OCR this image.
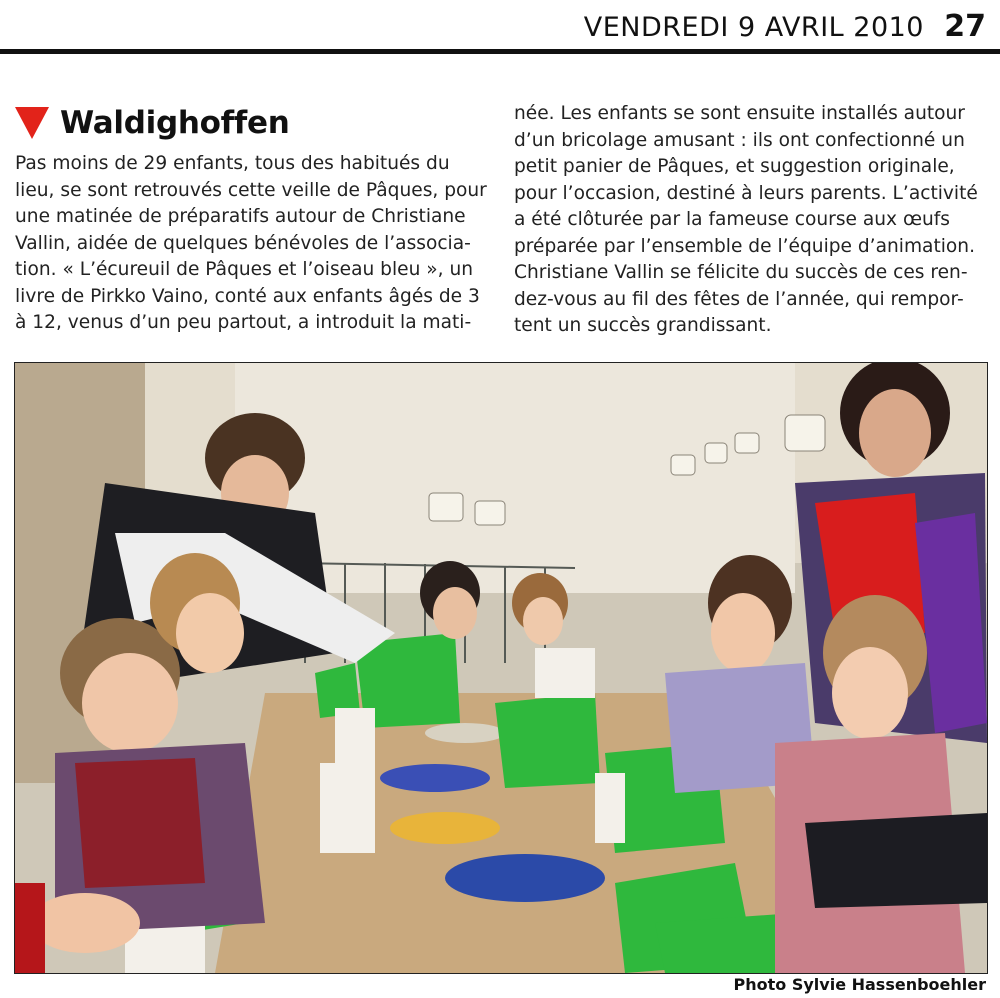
VENDREDI 9 AVRIL 2010 27
Waldighoffen
Pas moins de 29 enfants, tous des habitués du
lieu, se sont retrouvés cette veille de Pâques, pour
une matinée de préparatifs autour de Christiane
Vallin, aidée de quelques bénévoles de l’associa-
tion. « L’écureuil de Pâques et l’oiseau bleu », un
livre de Pirkko Vaino, conté aux enfants âgés de 3
à 12, venus d’un peu partout, a introduit la mati-
née. Les enfants se sont ensuite installés autour
d’un bricolage amusant : ils ont confectionné un
petit panier de Pâques, et suggestion originale,
pour l’occasion, destiné à leurs parents. L’activité
a été clôturée par la fameuse course aux œufs
préparée par l’ensemble de l’équipe d’animation.
Christiane Vallin se félicite du succès de ces ren-
dez-vous au fil des fêtes de l’année, qui rempor-
tent un succès grandissant.
Photo Sylvie Hassenboehler
